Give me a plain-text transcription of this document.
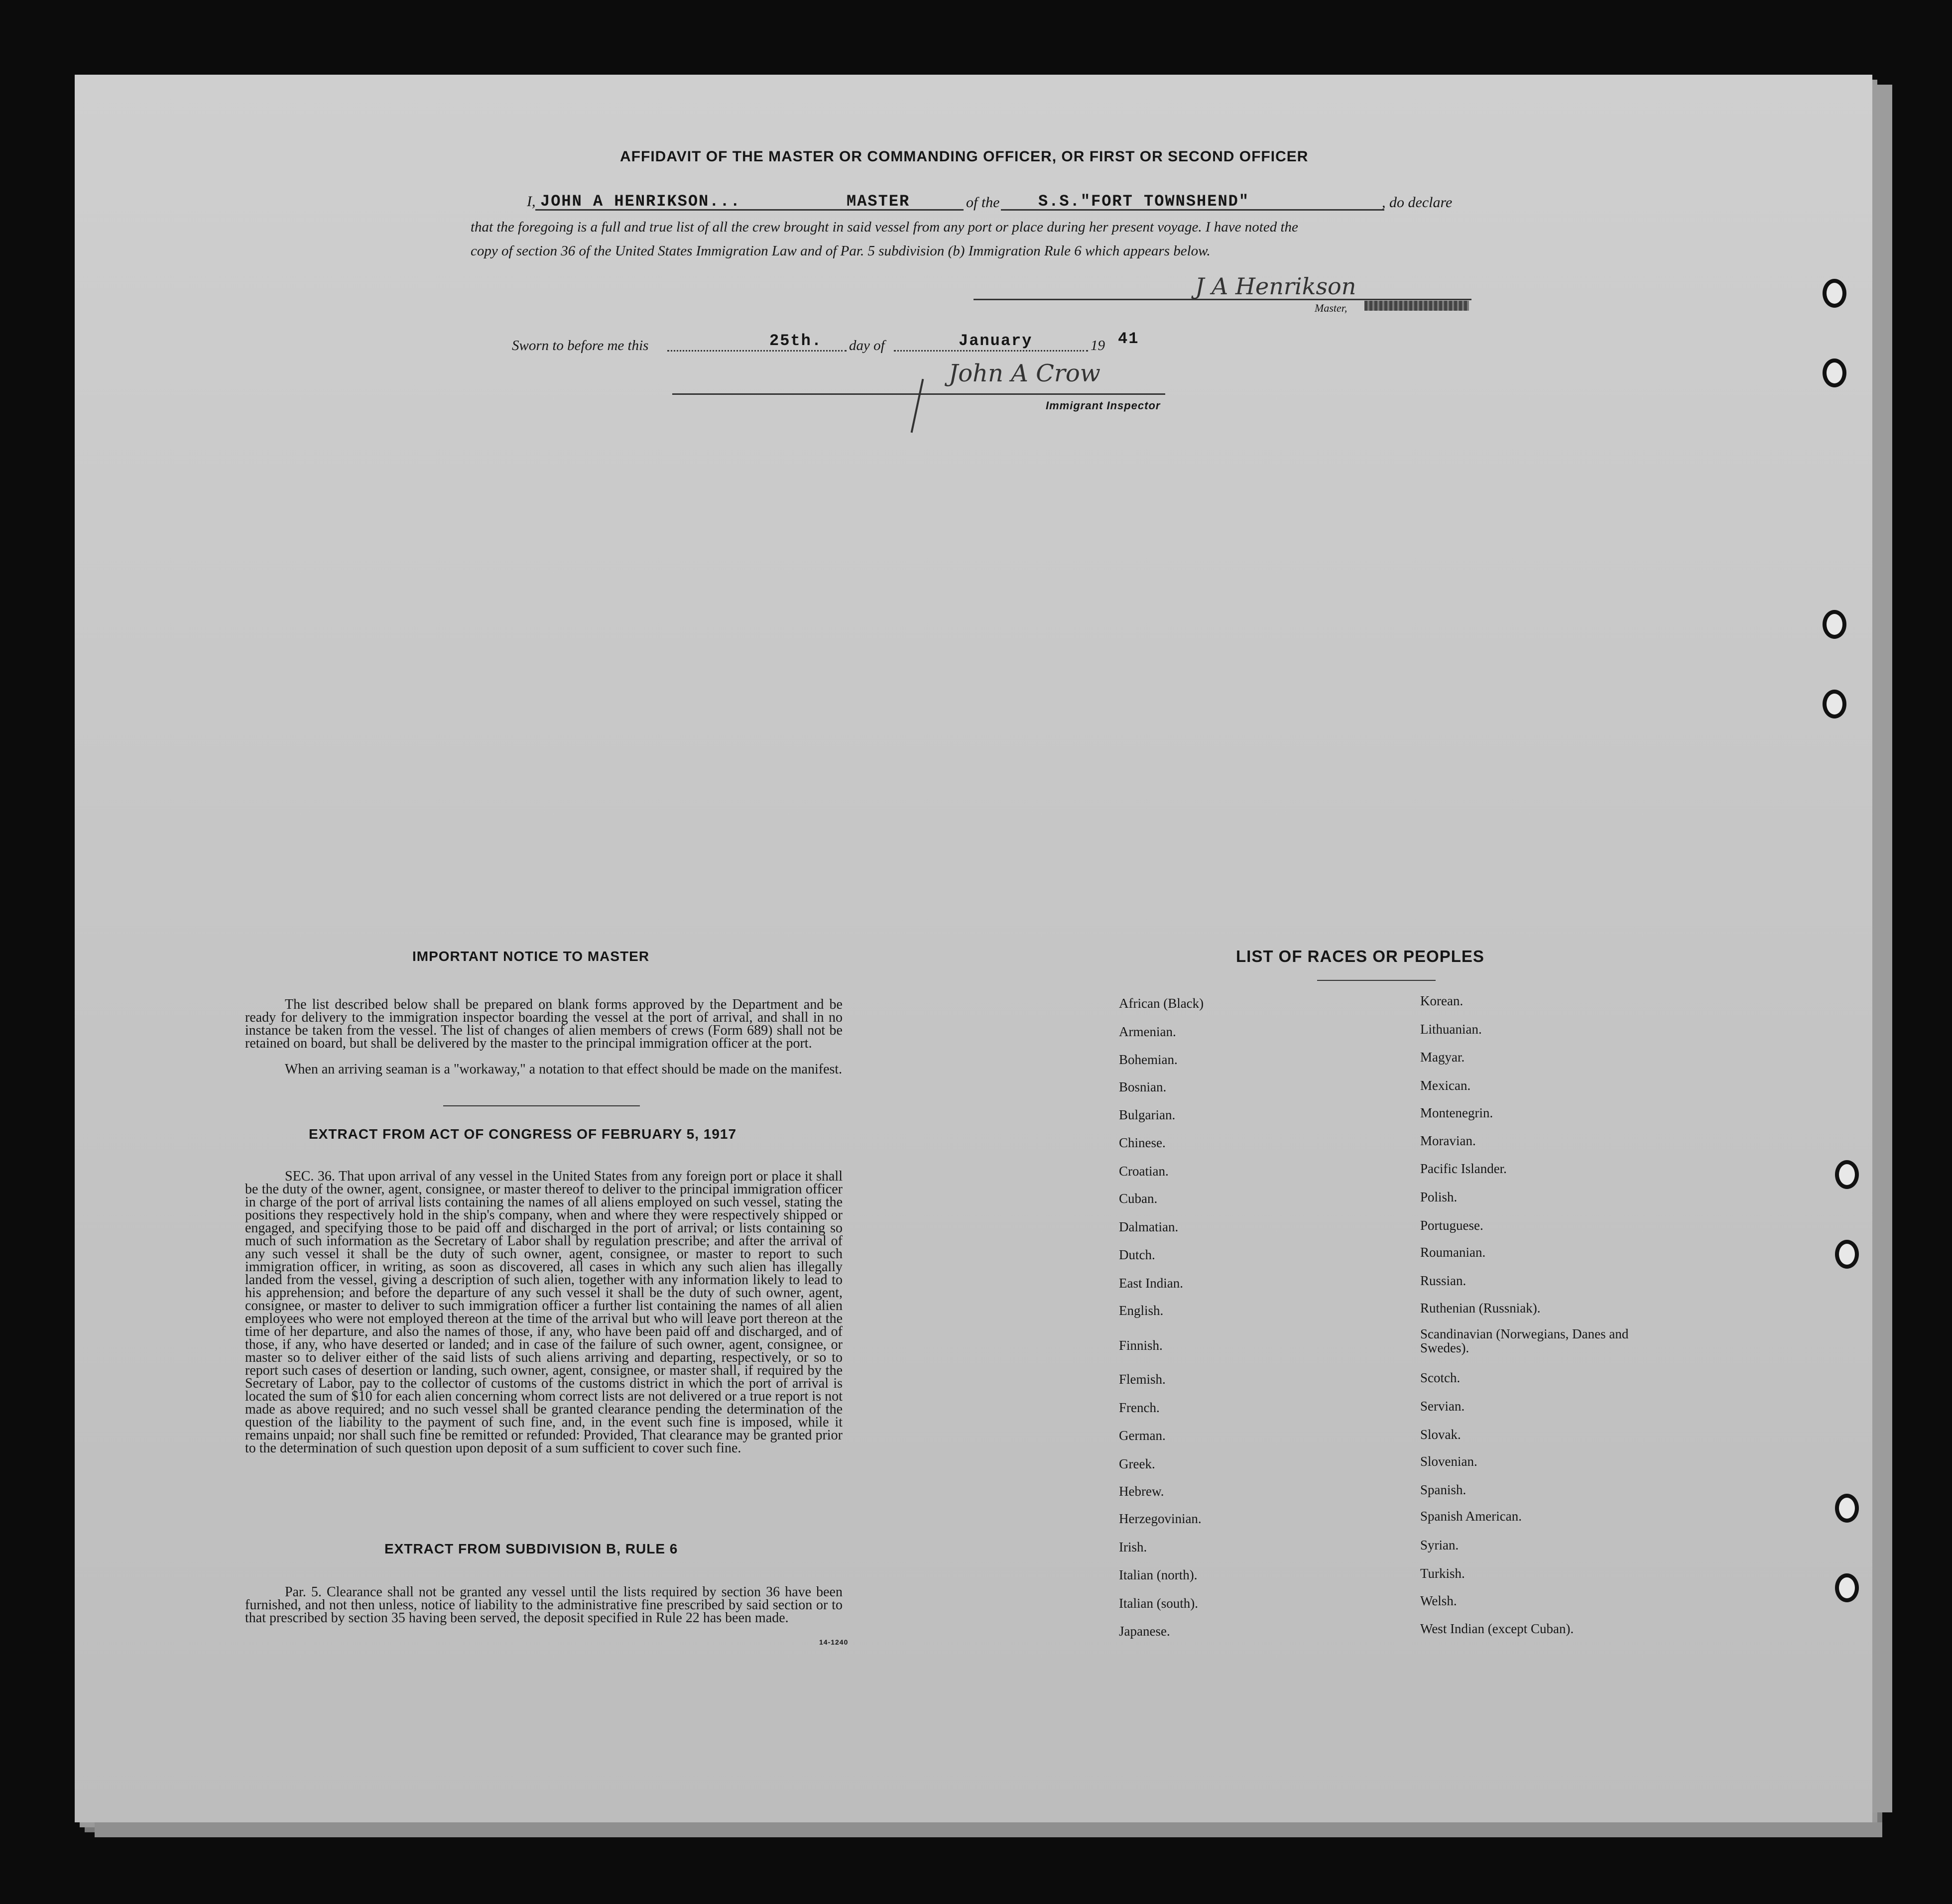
AFFIDAVIT OF THE MASTER OR COMMANDING OFFICER, OR FIRST OR SECOND OFFICER
I, JOHN A HENRIKSON...	MASTER	of the S.S."FORT TOWNSHEND"	, do declare
that the foregoing is a full and true list of all the crew brought in said vessel from any port or place during her present voyage. I have noted the
copy of section 36 of the United States Immigration Law and of Par. 5 subdivision (b) Immigration Rule 6 which appears below.
J A Henrikson
Master,
Sworn to before me this	25th. day of	January	19 41
John A Crow
Immigrant Inspector
IMPORTANT NOTICE TO MASTER
The list described below shall be prepared on blank forms approved by the Department and be ready for delivery to the immigration inspector boarding the vessel at the port of arrival, and shall in no instance be taken from the vessel. The list of changes of alien members of crews (Form 689) shall not be retained on board, but shall be delivered by the master to the principal immigration officer at the port.
When an arriving seaman is a "workaway," a notation to that effect should be made on the manifest.
EXTRACT FROM ACT OF CONGRESS OF FEBRUARY 5, 1917
SEC. 36. That upon arrival of any vessel in the United States from any foreign port or place it shall be the duty of the owner, agent, consignee, or master thereof to deliver to the principal immigration officer in charge of the port of arrival lists containing the names of all aliens employed on such vessel, stating the positions they respectively hold in the ship's company, when and where they were respectively shipped or engaged, and specifying those to be paid off and discharged in the port of arrival; or lists containing so much of such information as the Secretary of Labor shall by regulation prescribe; and after the arrival of any such vessel it shall be the duty of such owner, agent, consignee, or master to report to such immigration officer, in writing, as soon as discovered, all cases in which any such alien has illegally landed from the vessel, giving a description of such alien, together with any information likely to lead to his apprehension; and before the departure of any such vessel it shall be the duty of such owner, agent, consignee, or master to deliver to such immigration officer a further list containing the names of all alien employees who were not employed thereon at the time of the arrival but who will leave port thereon at the time of her departure, and also the names of those, if any, who have been paid off and discharged, and of those, if any, who have deserted or landed; and in case of the failure of such owner, agent, consignee, or master so to deliver either of the said lists of such aliens arriving and departing, respectively, or so to report such cases of desertion or landing, such owner, agent, consignee, or master shall, if required by the Secretary of Labor, pay to the collector of customs of the customs district in which the port of arrival is located the sum of $10 for each alien concerning whom correct lists are not delivered or a true report is not made as above required; and no such vessel shall be granted clearance pending the determination of the question of the liability to the payment of such fine, and, in the event such fine is imposed, while it remains unpaid; nor shall such fine be remitted or refunded: Provided, That clearance may be granted prior to the determination of such question upon deposit of a sum sufficient to cover such fine.
EXTRACT FROM SUBDIVISION B, RULE 6
Par. 5. Clearance shall not be granted any vessel until the lists required by section 36 have been furnished, and not then unless, notice of liability to the administrative fine prescribed by said section or to that prescribed by section 35 having been served, the deposit specified in Rule 22 has been made.
14-1240
LIST OF RACES OR PEOPLES
African (Black)
Armenian.
Bohemian.
Bosnian.
Bulgarian.
Chinese.
Croatian.
Cuban.
Dalmatian.
Dutch.
East Indian.
English.
Finnish.
Flemish.
French.
German.
Greek.
Hebrew.
Herzegovinian.
Irish.
Italian (north).
Italian (south).
Japanese.
Korean.
Lithuanian.
Magyar.
Mexican.
Montenegrin.
Moravian.
Pacific Islander.
Polish.
Portuguese.
Roumanian.
Russian.
Ruthenian (Russniak).
Scandinavian (Norwegians, Danes and Swedes).
Scotch.
Servian.
Slovak.
Slovenian.
Spanish.
Spanish American.
Syrian.
Turkish.
Welsh.
West Indian (except Cuban).
